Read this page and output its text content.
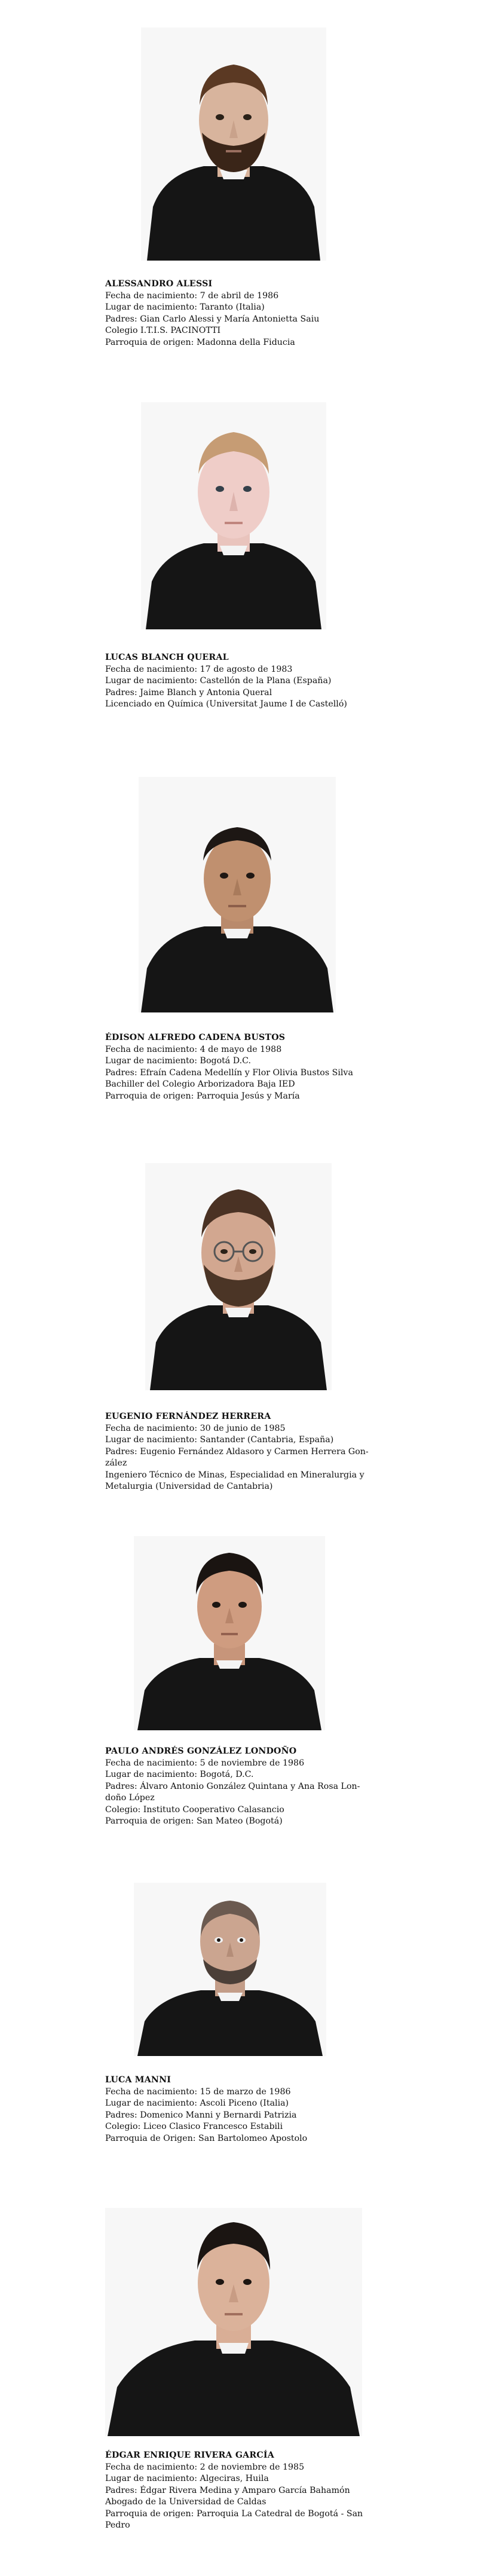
ALESSANDRO ALESSI
Fecha de nacimiento: 7 de abril de 1986
Lugar de nacimiento: Taranto (Italia)
Padres: Gian Carlo Alessi y María Antonietta Saiu
Colegio I.T.I.S. PACINOTTI
Parroquia de origen: Madonna della Fiducia
LUCAS BLANCH QUERAL
Fecha de nacimiento: 17 de agosto de 1983
Lugar de nacimiento: Castellón de la Plana (España)
Padres: Jaime Blanch y Antonia Queral
Licenciado en Química (Universitat Jaume I de Castelló)
ÉDISON ALFREDO CADENA BUSTOS
Fecha de nacimiento: 4 de mayo de 1988
Lugar de nacimiento: Bogotá D.C.
Padres: Efraín Cadena Medellín y Flor Olivia Bustos Silva
Bachiller del Colegio Arborizadora Baja IED
Parroquia de origen: Parroquia Jesús y María
EUGENIO FERNÁNDEZ HERRERA
Fecha de nacimiento: 30 de junio de 1985
Lugar de nacimiento: Santander (Cantabria, España)
Padres: Eugenio Fernández Aldasoro y Carmen Herrera Gon-
zález
Ingeniero Técnico de Minas, Especialidad en Mineralurgia y
Metalurgia (Universidad de Cantabria)
PAULO ANDRÉS GONZÁLEZ LONDOÑO
Fecha de nacimiento: 5 de noviembre de 1986
Lugar de nacimiento: Bogotá, D.C.
Padres: Álvaro Antonio González Quintana y Ana Rosa Lon-
doño López
Colegio: Instituto Cooperativo Calasancio
Parroquia de origen: San Mateo (Bogotá)
LUCA MANNI
Fecha de nacimiento: 15 de marzo de 1986
Lugar de nacimiento: Ascoli Piceno (Italia)
Padres: Domenico Manni y Bernardi Patrizia
Colegio: Liceo Clasico Francesco Estabili
Parroquia de Origen: San Bartolomeo Apostolo
ÉDGAR ENRIQUE RIVERA GARCÍA
Fecha de nacimiento: 2 de noviembre de 1985
Lugar de nacimiento: Algeciras, Huila
Padres: Édgar Rivera Medina y Amparo García Bahamón
Abogado de la Universidad de Caldas
Parroquia de origen: Parroquia La Catedral de Bogotá - San
Pedro
